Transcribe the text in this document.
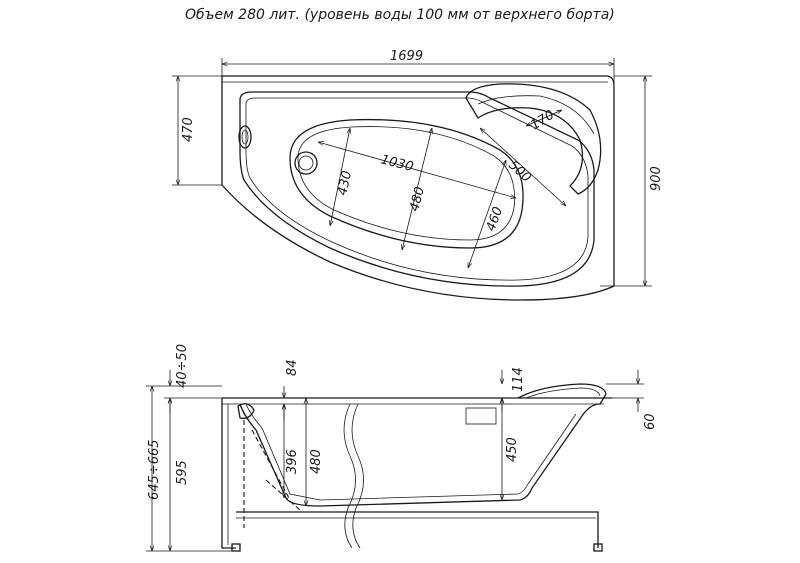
Объем 280 лит. (уровень воды 100 мм от верхнего борта)
1699
900
470
1030
430
480
460
500
170
40÷50
645÷665 595
84
396 480
114
450
60
